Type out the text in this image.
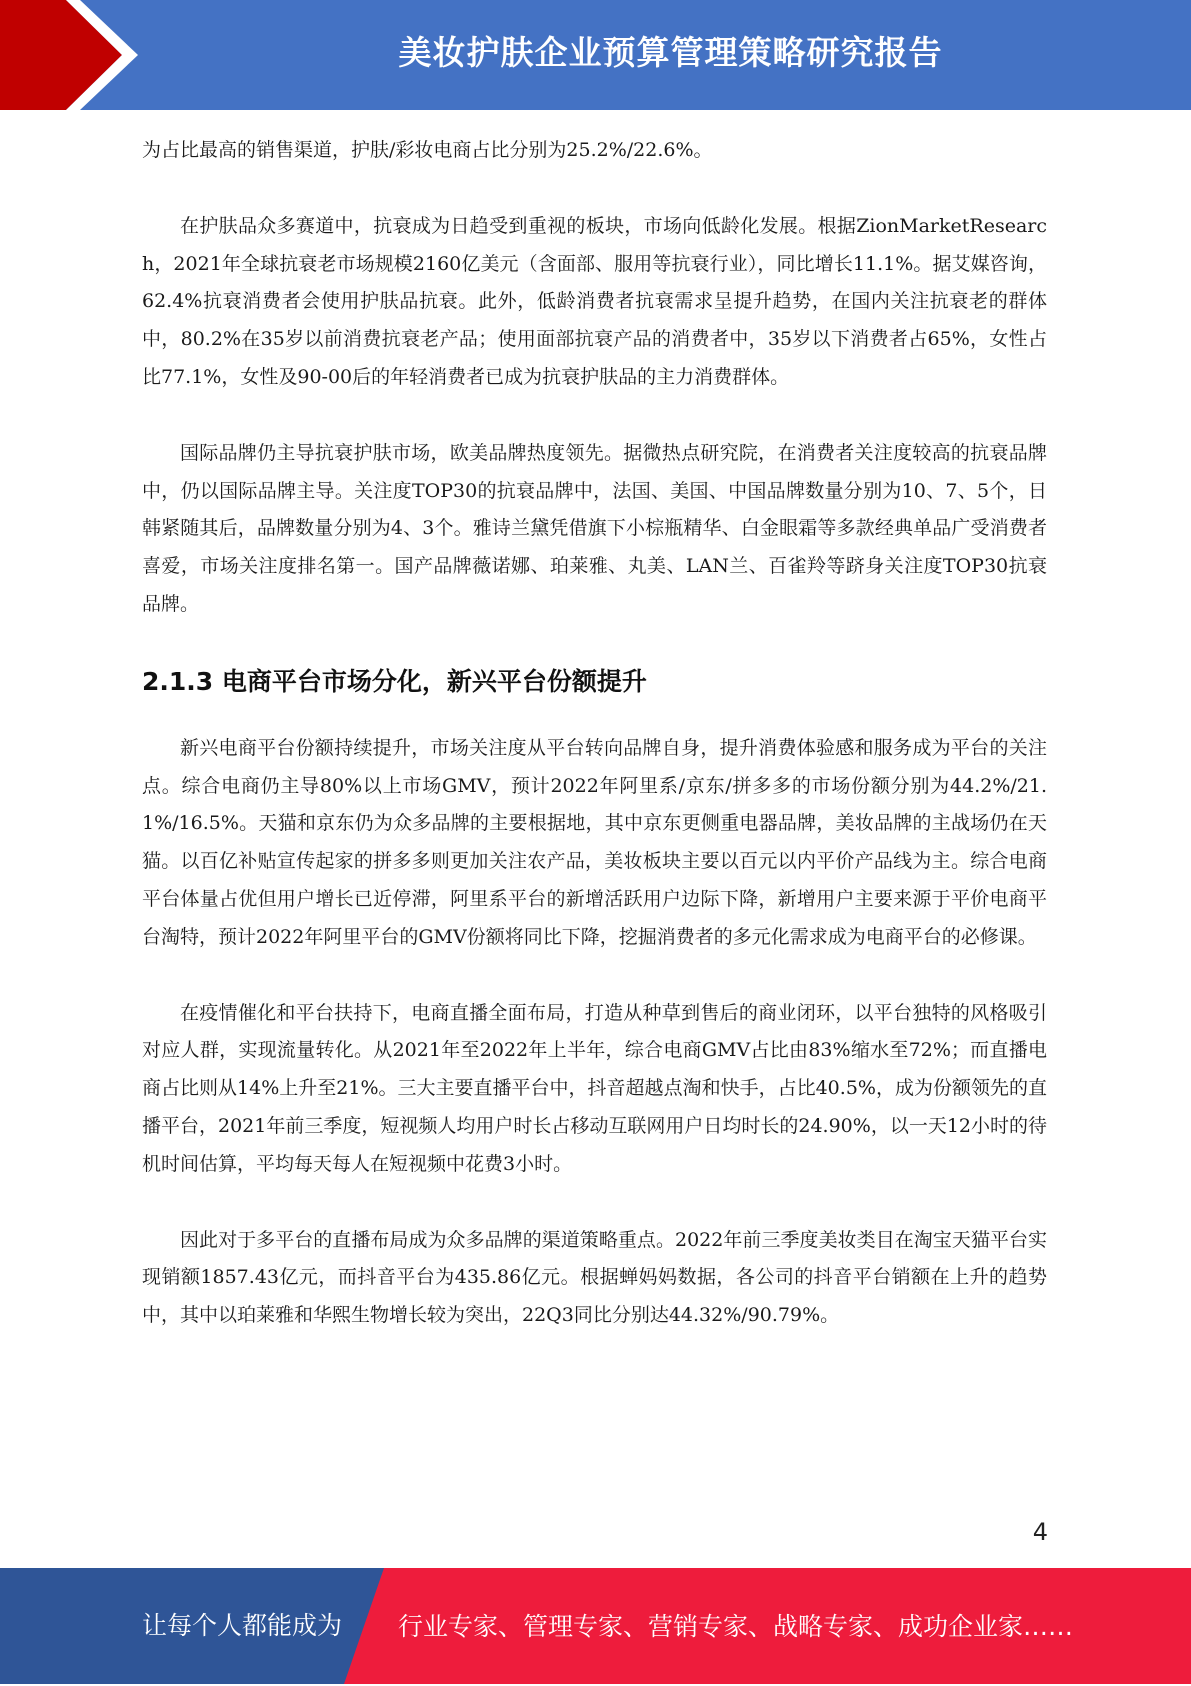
美妆护肤企业预算管理策略研究报告

为占比最高的销售渠道，护肤/彩妆电商占比分别为25.2%/22.6%。

在护肤品众多赛道中，抗衰成为日趋受到重视的板块，市场向低龄化发展。根据ZionMarketResearch，2021年全球抗衰老市场规模2160亿美元（含面部、服用等抗衰行业），同比增长11.1%。据艾媒咨询，62.4%抗衰消费者会使用护肤品抗衰。此外，低龄消费者抗衰需求呈提升趋势，在国内关注抗衰老的群体中，80.2%在35岁以前消费抗衰老产品；使用面部抗衰产品的消费者中，35岁以下消费者占65%，女性占比77.1%，女性及90-00后的年轻消费者已成为抗衰护肤品的主力消费群体。

国际品牌仍主导抗衰护肤市场，欧美品牌热度领先。据微热点研究院，在消费者关注度较高的抗衰品牌中，仍以国际品牌主导。关注度TOP30的抗衰品牌中，法国、美国、中国品牌数量分别为10、7、5个，日韩紧随其后，品牌数量分别为4、3个。雅诗兰黛凭借旗下小棕瓶精华、白金眼霜等多款经典单品广受消费者喜爱，市场关注度排名第一。国产品牌薇诺娜、珀莱雅、丸美、LAN兰、百雀羚等跻身关注度TOP30抗衰品牌。

2.1.3 电商平台市场分化，新兴平台份额提升

新兴电商平台份额持续提升，市场关注度从平台转向品牌自身，提升消费体验感和服务成为平台的关注点。综合电商仍主导80%以上市场GMV，预计2022年阿里系/京东/拼多多的市场份额分别为44.2%/21.1%/16.5%。天猫和京东仍为众多品牌的主要根据地，其中京东更侧重电器品牌，美妆品牌的主战场仍在天猫。以百亿补贴宣传起家的拼多多则更加关注农产品，美妆板块主要以百元以内平价产品线为主。综合电商平台体量占优但用户增长已近停滞，阿里系平台的新增活跃用户边际下降，新增用户主要来源于平价电商平台淘特，预计2022年阿里平台的GMV份额将同比下降，挖掘消费者的多元化需求成为电商平台的必修课。

在疫情催化和平台扶持下，电商直播全面布局，打造从种草到售后的商业闭环，以平台独特的风格吸引对应人群，实现流量转化。从2021年至2022年上半年，综合电商GMV占比由83%缩水至72%；而直播电商占比则从14%上升至21%。三大主要直播平台中，抖音超越点淘和快手，占比40.5%，成为份额领先的直播平台，2021年前三季度，短视频人均用户时长占移动互联网用户日均时长的24.90%，以一天12小时的待机时间估算，平均每天每人在短视频中花费3小时。

因此对于多平台的直播布局成为众多品牌的渠道策略重点。2022年前三季度美妆类目在淘宝天猫平台实现销额1857.43亿元，而抖音平台为435.86亿元。根据蝉妈妈数据，各公司的抖音平台销额在上升的趋势中，其中以珀莱雅和华熙生物增长较为突出，22Q3同比分别达44.32%/90.79%。

4
让每个人都能成为 行业专家、管理专家、营销专家、战略专家、成功企业家……
